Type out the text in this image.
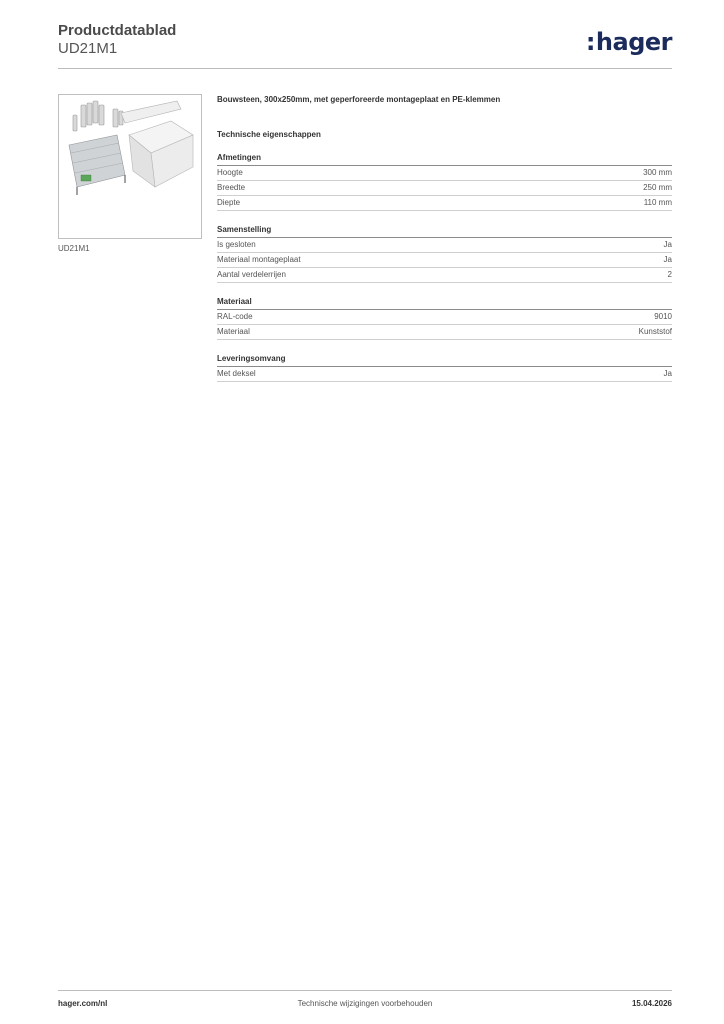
Productdatablad
UD21M1	:hager
UD21M1
Bouwsteen, 300x250mm, met geperforeerde montageplaat en PE-klemmen
Technische eigenschappen
Afmetingen
Hoogte	300 mm
Breedte	250 mm
Diepte	110 mm
Samenstelling
Is gesloten	Ja
Materiaal montageplaat	Ja
Aantal verdelerrijen	2
Materiaal
RAL-code	9010
Materiaal	Kunststof
Leveringsomvang
Met deksel	Ja
hager.com/nl	Technische wijzigingen voorbehouden	15.04.2026
